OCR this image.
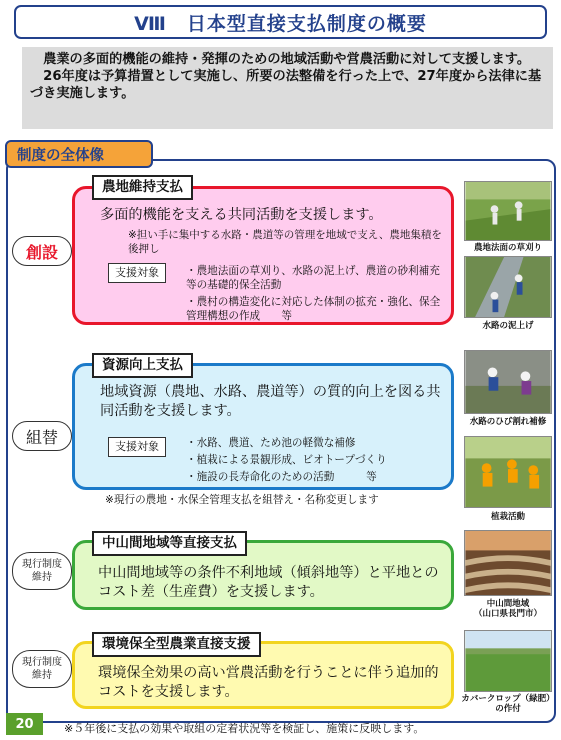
Ⅷ　日本型直接支払制度の概要

　農業の多面的機能の維持・発揮のための地域活動や営農活動に対して支援します。

　26年度は予算措置として実施し、所要の法整備を行った上で、27年度から法律に基づき実施します。

制度の全体像
農地維持支払
創設
多面的機能を支える共同活動を支援します。
※担い手に集中する水路・農道等の管理を地域で支え、農地集積を後押し
支援対象	・農地法面の草刈り、水路の泥上げ、農道の砂利補充等の基礎的保全活動
・農村の構造変化に対応した体制の拡充・強化、保全管理構想の作成　　等
資源向上支払
組替
地域資源（農地、水路、農道等）の質的向上を図る共同活動を支援します。
支援対象	・水路、農道、ため池の軽微な補修
・植栽による景観形成、ビオトープづくり
・施設の長寿命化のための活動　　　等
※現行の農地・水保全管理支払を組替え・名称変更します
中山間地域等直接支払
現行制度
維持	中山間地域等の条件不利地域（傾斜地等）と平地とのコスト差（生産費）を支援します。
環境保全型農業直接支援
現行制度
維持	環境保全効果の高い営農活動を行うことに伴う追加的コストを支援します。
農地法面の草刈り
水路の泥上げ
水路のひび割れ補修
植栽活動
中山間地域
（山口県長門市）
カバークロップ（緑肥）
の作付
20	※５年後に支払の効果や取組の定着状況等を検証し、施策に反映します。
